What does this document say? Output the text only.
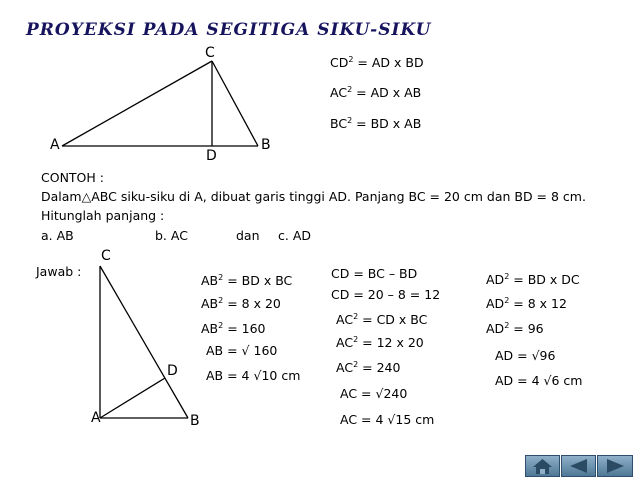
PROYEKSI PADA SEGITIGA SIKU-SIKU
C
A
D
B
$CD^2$ = AD x BD
$AC^2$ = AD x AB
$BC^2$ = BD x AB
CONTOH :
Dalam△ABC siku-siku di A, dibuat garis tinggi AD. Panjang BC = 20 cm dan BD = 8 cm.
Hitunglah panjang :
a. AB	b. AC	dan c. AD
Jawab :
C
D
A	B
$AB^2$ = BD x BC
$AB^2 = 8$ x 20
$AB^2 = 160$
AB = √ 160
AB = 4 √10 cm
CD = BC – BD
CD = 20 – 8 = 12
$AC^2$ = CD x BC
$AC^2 = 12$ x 20
$AC^2 = 240$
AC = √240
AC = 4 √15 cm
$AD^2$ = BD x DC
$AD^2 = 8$ x 12
$AD^2 = 96$
AD = √96
AD = 4 √6 cm
